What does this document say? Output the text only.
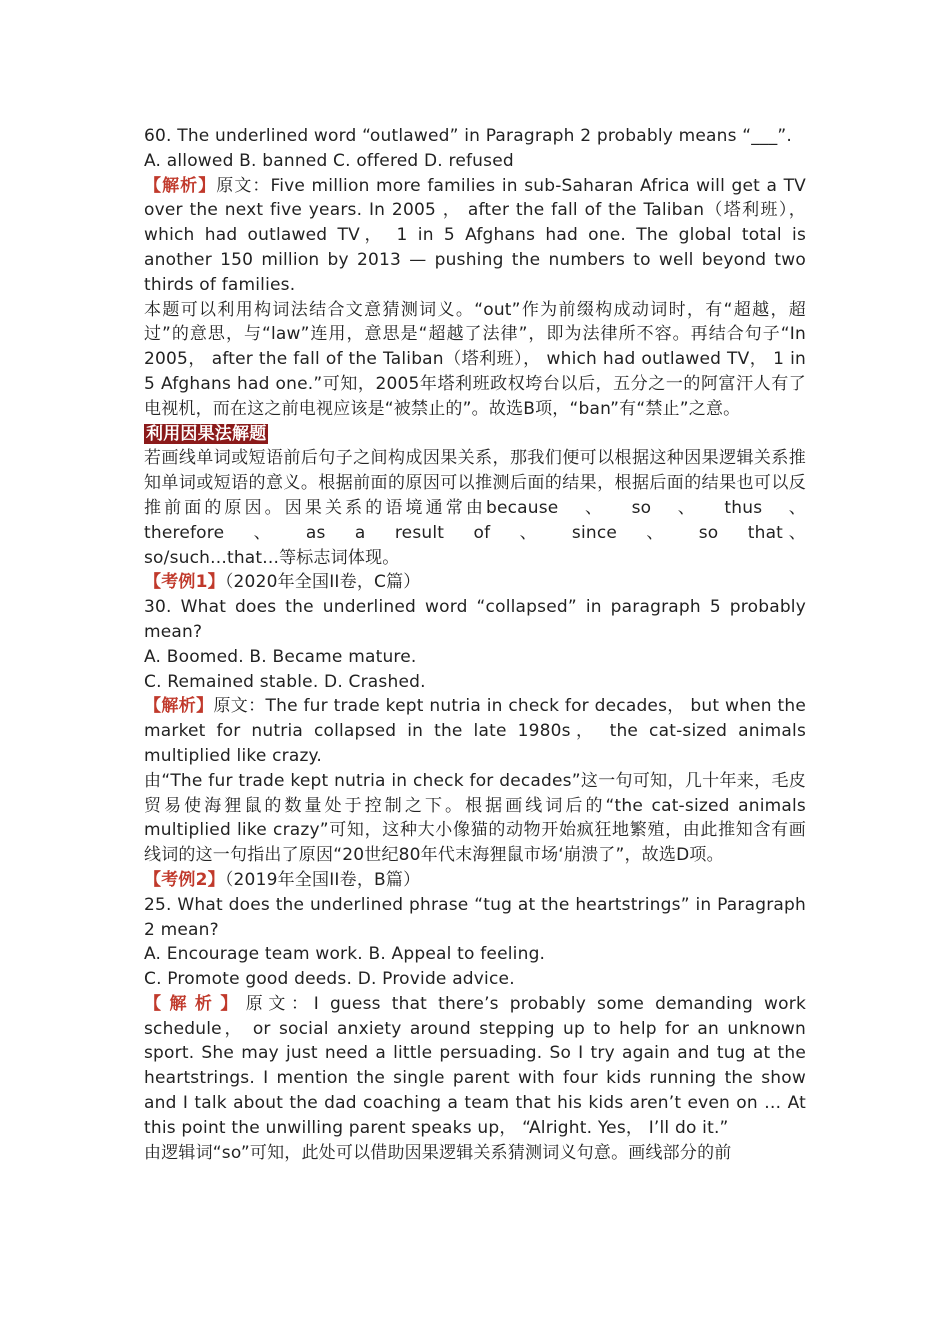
60. The underlined word “outlawed” in Paragraph 2 probably means “___”.

A. allowed B. banned C. offered D. refused

【解析】原文：Five million more families in sub-Saharan Africa will get a TV over the next five years. In 2005 ， after the fall of the Taliban（塔利班）， which had outlawed TV， 1 in 5 Afghans had one. The global total is another 150 million by 2013 — pushing the numbers to well beyond two thirds of families.

本题可以利用构词法结合文意猜测词义。“out”作为前缀构成动词时，有“超越，超过”的意思，与“law”连用，意思是“超越了法律”，即为法律所不容。再结合句子“In 2005， after the fall of the Taliban（塔利班）， which had outlawed TV， 1 in 5 Afghans had one.”可知，2005年塔利班政权垮台以后，五分之一的阿富汗人有了电视机，而在这之前电视应该是“被禁止的”。故选B项，“ban”有“禁止”之意。

利用因果法解题

若画线单词或短语前后句子之间构成因果关系，那我们便可以根据这种因果逻辑关系推知单词或短语的意义。根据前面的原因可以推测后面的结果，根据后面的结果也可以反推前面的原因。因果关系的语境通常由because 、 so 、 thus 、 therefore 、 as a result of 、 since 、 so that、so/such...that...等标志词体现。

【考例1】（2020年全国II卷，C篇）

30. What does the underlined word “collapsed” in paragraph 5 probably mean?

A. Boomed. B. Became mature.

C. Remained stable. D. Crashed.

【解析】原文：The fur trade kept nutria in check for decades， but when the market for nutria collapsed in the late 1980s， the cat-sized animals multiplied like crazy.

由“The fur trade kept nutria in check for decades”这一句可知，几十年来，毛皮贸易使海狸鼠的数量处于控制之下。根据画线词后的“the cat-sized animals multiplied like crazy”可知，这种大小像猫的动物开始疯狂地繁殖，由此推知含有画线词的这一句指出了原因“20世纪80年代末海狸鼠市场‘崩溃了”，故选D项。

【考例2】（2019年全国II卷，B篇）

25. What does the underlined phrase “tug at the heartstrings” in Paragraph 2 mean?

A. Encourage team work. B. Appeal to feeling.

C. Promote good deeds. D. Provide advice.

【解析】原文：I guess that there’s probably some demanding work schedule， or social anxiety around stepping up to help for an unknown sport. She may just need a little persuading. So I try again and tug at the heartstrings. I mention the single parent with four kids running the show and I talk about the dad coaching a team that his kids aren’t even on … At this point the unwilling parent speaks up， “Alright. Yes， I’ll do it.”

由逻辑词“so”可知，此处可以借助因果逻辑关系猜测词义句意。画线部分的前
